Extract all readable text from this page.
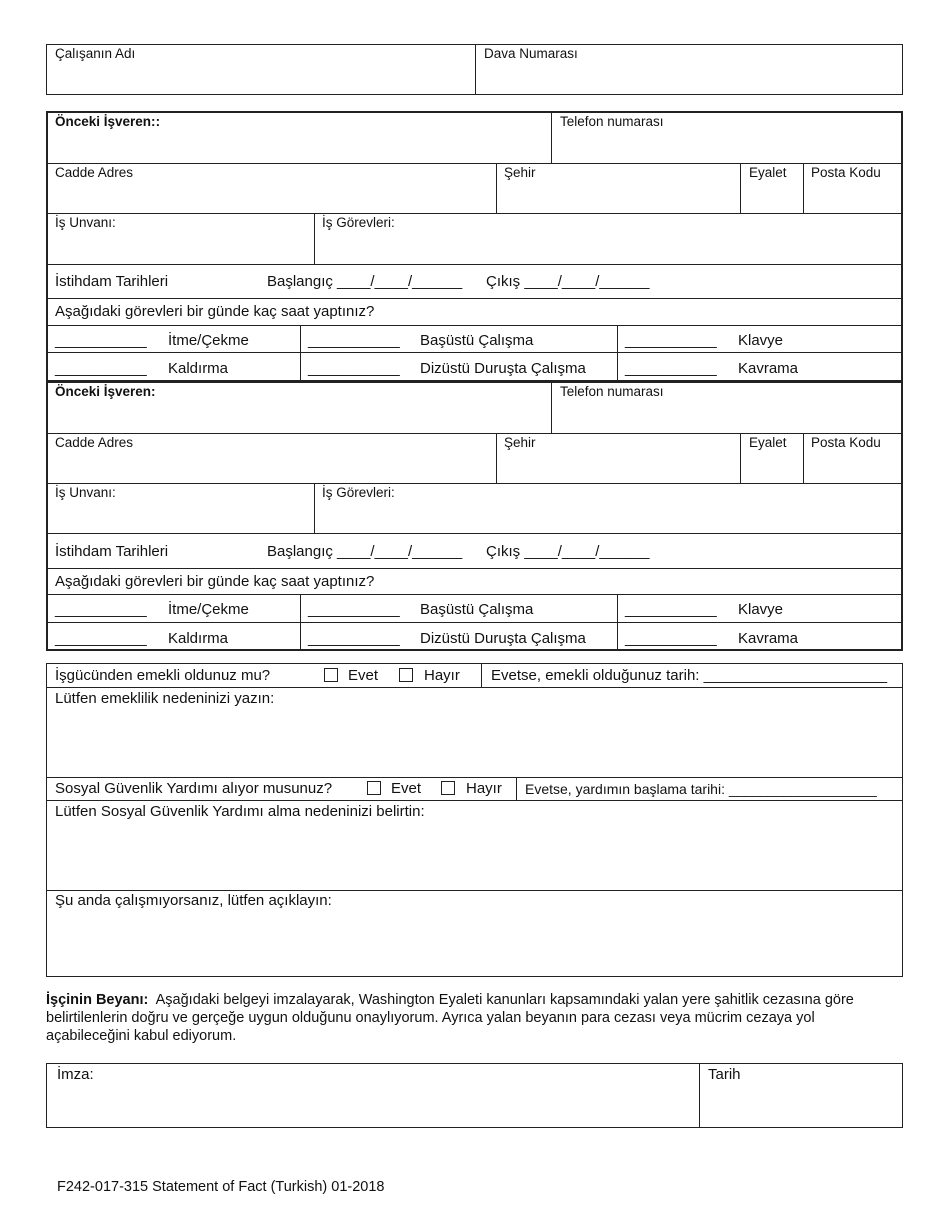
Çalışanın Adı	Dava Numarası
Önceki İşveren::	Telefon numarası
Cadde Adres	Şehir	Eyalet Posta Kodu
İş Unvanı:	İş Görevleri:
İstihdam Tarihleri	Başlangıç ____/____/______ Çıkış ____/____/______
Aşağıdaki görevleri bir günde kaç saat yaptınız?
___________ İtme/Çekme	___________ Başüstü Çalışma	___________ Klavye
___________ Kaldırma	___________ Dizüstü Duruşta Çalışma	___________ Kavrama
Önceki İşveren:	Telefon numarası
Cadde Adres	Şehir	Eyalet Posta Kodu
İş Unvanı:	İş Görevleri:
İstihdam Tarihleri	Başlangıç ____/____/______ Çıkış ____/____/______
Aşağıdaki görevleri bir günde kaç saat yaptınız?
___________ İtme/Çekme	___________ Başüstü Çalışma	___________ Klavye
___________ Kaldırma	___________ Dizüstü Duruşta Çalışma	___________ Kavrama
İşgücünden emekli oldunuz mu?	Evet	Hayır Evetse, emekli olduğunuz tarih: ______________________
Lütfen emeklilik nedeninizi yazın:
Sosyal Güvenlik Yardımı alıyor musunuz?	Evet	Hayır Evetse, yardımın başlama tarihi: ___________________
Lütfen Sosyal Güvenlik Yardımı alma nedeninizi belirtin:
Şu anda çalışmıyorsanız, lütfen açıklayın:
İşçinin Beyanı: Aşağıdaki belgeyi imzalayarak, Washington Eyaleti kanunları kapsamındaki yalan yere şahitlik cezasına göre belirtilenlerin doğru ve gerçeğe uygun olduğunu onaylıyorum. Ayrıca yalan beyanın para cezası veya mücrim cezaya yol açabileceğini kabul ediyorum.
İmza:	Tarih
F242-017-315 Statement of Fact (Turkish) 01-2018
